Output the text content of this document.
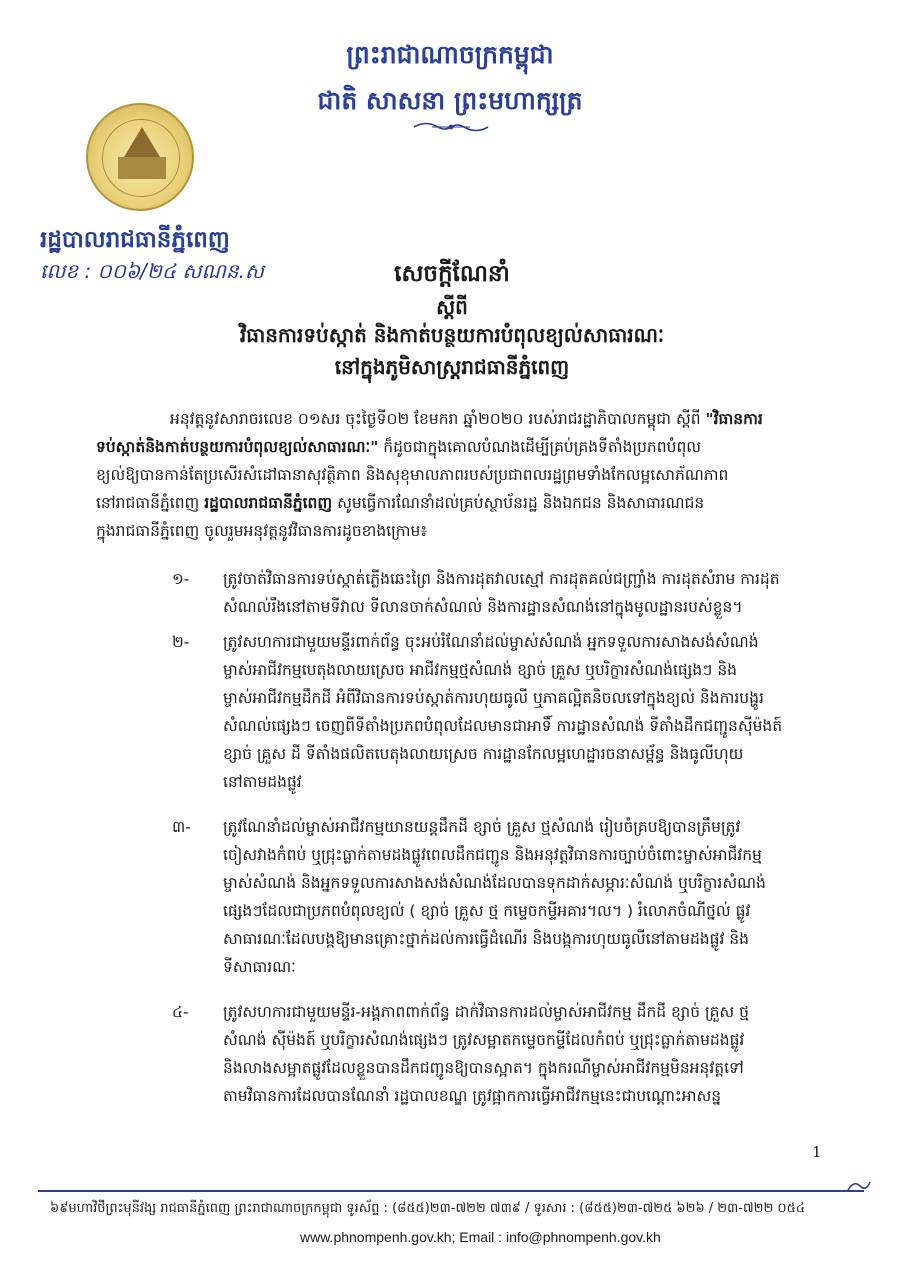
ព្រះរាជាណាចក្រកម្ពុជា
ជាតិ សាសនា ព្រះមហាក្សត្រ
រដ្ឋបាលរាជធានីភ្នំពេញ
លេខ : ០០៦/២៤ សណន.ស	សេចក្តីណែនាំ
ស្តីពី
វិធានការទប់ស្កាត់ និងកាត់បន្ថយការបំពុលខ្យល់សាធារណៈ
នៅក្នុងភូមិសាស្ត្ររាជធានីភ្នំពេញ
អនុវត្តនូវសារាចរលេខ ០១សរ ចុះថ្ងៃទី០២ ខែមករា ឆ្នាំ២០២០ របស់រាជរដ្ឋាភិបាលកម្ពុជា ស្តីពី "វិធានការ
ទប់ស្កាត់និងកាត់បន្ថយការបំពុលខ្យល់សាធារណៈ" ក៏ដូចជាក្នុងគោលបំណងដើម្បីគ្រប់គ្រងទីតាំងប្រភពបំពុល
ខ្យល់ឱ្យបានកាន់តែប្រសើរសំដៅធានាសុវត្ថិភាព និងសុខុមាលភាពរបស់ប្រជាពលរដ្ឋព្រមទាំងកែលម្អសោភ័ណភាព
នៅរាជធានីភ្នំពេញ រដ្ឋបាលរាជធានីភ្នំពេញ សូមធ្វើការណែនាំដល់គ្រប់ស្ថាប័នរដ្ឋ និងឯកជន និងសាធារណជន
ក្នុងរាជធានីភ្នំពេញ ចូលរួមអនុវត្តនូវវិធានការដូចខាងក្រោម៖
១- ត្រូវចាត់វិធានការទប់ស្កាត់ភ្លើងឆេះព្រៃ និងការដុតវាលស្មៅ ការដុតគល់ជញ្ជ្រាំង ការដុតសំរាម ការដុត
សំណល់រឹងនៅតាមទីវាល ទីលានចាក់សំណល់ និងការដ្ឋានសំណង់នៅក្នុងមូលដ្ឋានរបស់ខ្លួន។
២- ត្រូវសហការជាមួយមន្ទីរពាក់ព័ន្ធ ចុះអប់រំណែនាំដល់ម្ចាស់សំណង់ អ្នកទទួលការសាងសង់សំណង់
ម្ចាស់អាជីវកម្មបេតុងលាយស្រេច អាជីវកម្មថ្មសំណង់ ខ្សាច់ គ្រួស ឬបរិក្ខារសំណង់ផ្សេងៗ និង
ម្ចាស់អាជីវកម្មដឹកដី អំពីវិធានការទប់ស្កាត់ការហុយធូលី ឬភាគល្អិតនិចលទៅក្នុងខ្យល់ និងការបង្ហូរ
សំណល់ផ្សេងៗ ចេញពីទីតាំងប្រភពបំពុលដែលមានជាអាទិ៍ ការដ្ឋានសំណង់ ទីតាំងដឹកជញ្ជូនស៊ីម៉ងត៍
ខ្សាច់ គ្រួស ដី ទីតាំងផលិតបេតុងលាយស្រេច ការដ្ឋានកែលម្អហេដ្ឋារចនាសម្ព័ន្ធ និងធូលីហុយ
នៅតាមដងផ្លូវ
៣- ត្រូវណែនាំដល់ម្ចាស់អាជីវកម្មយានយន្តដឹកដី ខ្សាច់ គ្រួស ថ្មសំណង់ រៀបចំគ្របឱ្យបានត្រឹមត្រូវ
ចៀសវាងកំពប់ ឬជ្រុះធ្លាក់តាមដងផ្លូវពេលដឹកជញ្ជូន និងអនុវត្តវិធានការច្បាប់ចំពោះម្ចាស់អាជីវកម្ម
ម្ចាស់សំណង់ និងអ្នកទទួលការសាងសង់សំណង់ដែលបានទុកដាក់សម្ភារៈសំណង់ ឬបរិក្ខារសំណង់
ផ្សេងៗដែលជាប្រភពបំពុលខ្យល់ ( ខ្សាច់ គ្រួស ថ្ម កម្ទេចកម្ទីអគារ។ល។ ) រំលោភចំណីថ្នល់ ផ្លូវ
សាធារណៈដែលបង្កឱ្យមានគ្រោះថ្នាក់ដល់ការធ្វើដំណើរ និងបង្កការហុយធូលីនៅតាមដងផ្លូវ និង
ទីសាធារណៈ
៤- ត្រូវសហការជាមួយមន្ទីរ-អង្គភាពពាក់ព័ន្ធ ដាក់វិធានការដល់ម្ចាស់អាជីវកម្ម ដឹកដី ខ្សាច់ គ្រួស ថ្ម
សំណង់ ស៊ីម៉ងត៍ ឬបរិក្ខារសំណង់ផ្សេងៗ ត្រូវសម្អាតកម្ទេចកម្ទីដែលកំពប់ ឬជ្រុះធ្លាក់តាមដងផ្លូវ
និងលាងសម្អាតផ្លូវដែលខ្លួនបានដឹកជញ្ជូនឱ្យបានស្អាត។ ក្នុងករណីម្ចាស់អាជីវកម្មមិនអនុវត្តទៅ
តាមវិធានការដែលបានណែនាំ រដ្ឋបាលខណ្ឌ ត្រូវផ្អាកការធ្វើអាជីវកម្មនេះជាបណ្តោះអាសន្ន
1
៦៩មហាវិថីព្រះមុនីវង្ស រាជធានីភ្នំពេញ ព្រះរាជាណាចក្រកម្ពុជា ទូរស័ព្ទ : (៨៥៥)២៣-៧២២ ៧៣៩ / ទូរសារ : (៨៥៥)២៣-៧២៥ ៦២៦ / ២៣-៧២២ ០៥៤
www.phnompenh.gov.kh; Email : info@phnompenh.gov.kh
